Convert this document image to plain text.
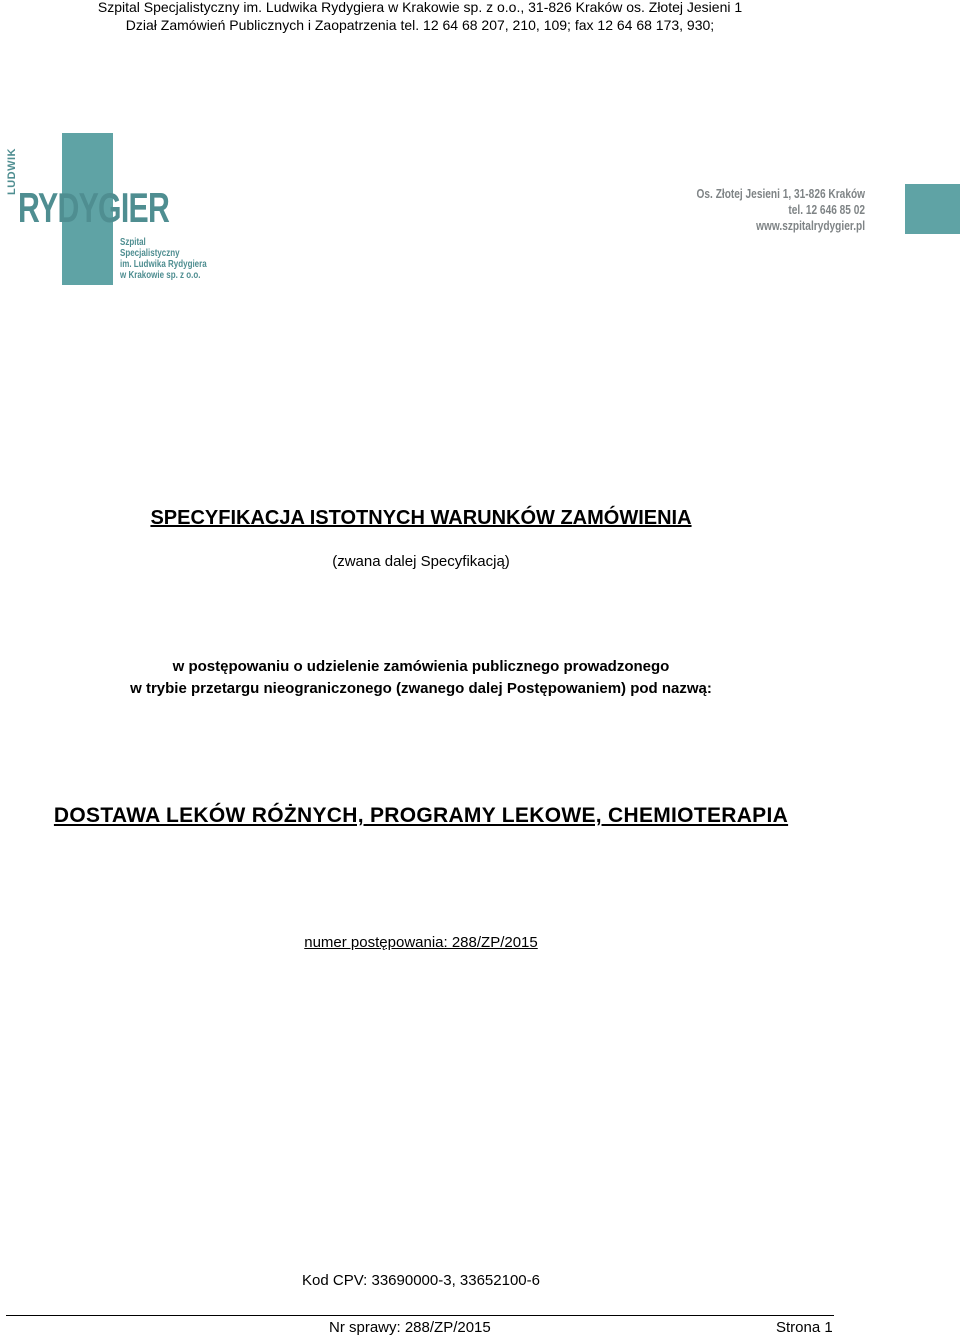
Szpital Specjalistyczny im. Ludwika Rydygiera w Krakowie sp. z o.o., 31-826 Kraków os. Złotej Jesieni 1
Dział Zamówień Publicznych i Zaopatrzenia tel. 12 64 68 207, 210, 109; fax 12 64 68 173, 930;
LUDWIK
RYDYGIER
Szpital
Specjalistyczny
im. Ludwika Rydygiera
w Krakowie sp. z o.o.
Os. Złotej Jesieni 1, 31-826 Kraków
tel. 12 646 85 02
www.szpitalrydygier.pl
SPECYFIKACJA ISTOTNYCH WARUNKÓW ZAMÓWIENIA
(zwana dalej Specyfikacją)
w postępowaniu o udzielenie zamówienia publicznego prowadzonego
w trybie przetargu nieograniczonego (zwanego dalej Postępowaniem) pod nazwą:
DOSTAWA LEKÓW RÓŻNYCH, PROGRAMY LEKOWE, CHEMIOTERAPIA
numer postępowania: 288/ZP/2015
Kod CPV: 33690000-3, 33652100-6
Nr sprawy: 288/ZP/2015	Strona 1
